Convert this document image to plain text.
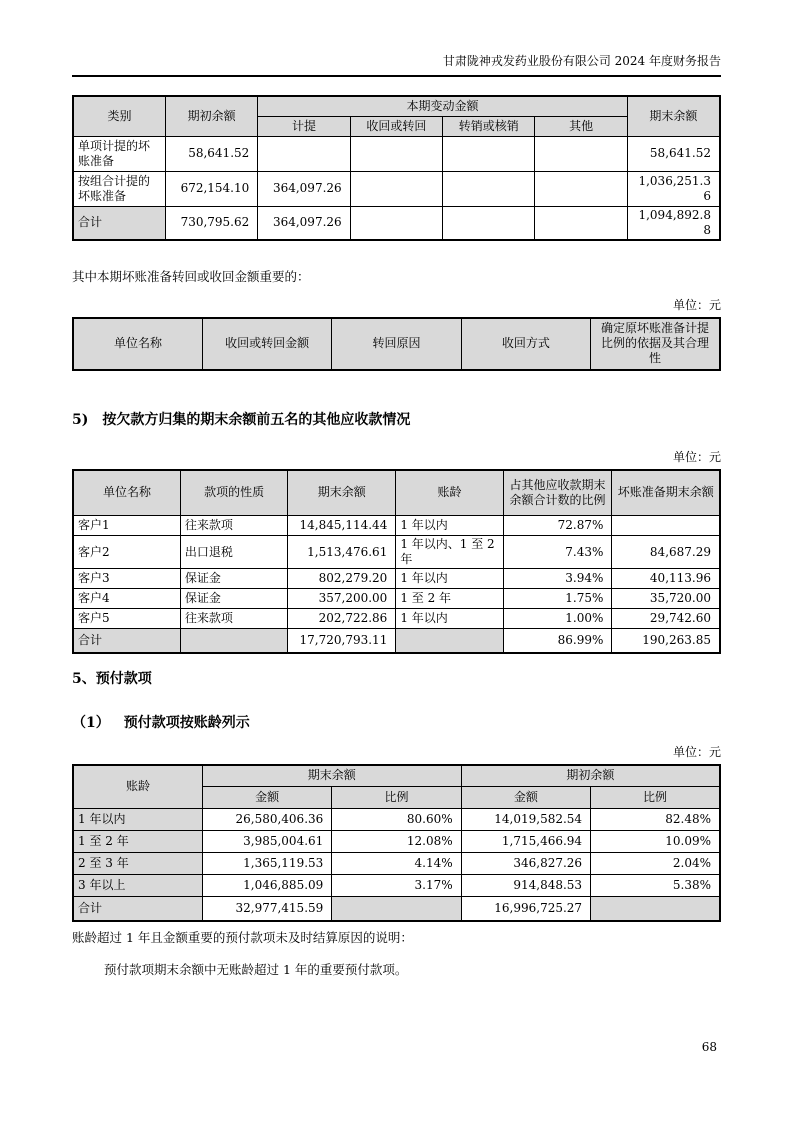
甘肃陇神戎发药业股份有限公司 2024 年度财务报告
类别	期初余额	本期变动金额				期末余额
		计提	收回或转回	转销或核销	其他	
单项计提的坏账准备	58,641.52					58,641.52
按组合计提的坏账准备	672,154.10	364,097.26				1,036,251.36
合计	730,795.62	364,097.26				1,094,892.88
其中本期坏账准备转回或收回金额重要的：
单位：元
单位名称	收回或转回金额	转回原因	收回方式	确定原坏账准备计提比例的依据及其合理性
5) 按欠款方归集的期末余额前五名的其他应收款情况
单位：元
单位名称	款项的性质	期末余额	账龄	占其他应收款期末余额合计数的比例	坏账准备期末余额
客户1	往来款项	14,845,114.44	1 年以内	72.87%	
客户2	出口退税	1,513,476.61	1 年以内、1 至 2 年	7.43%	84,687.29
客户3	保证金	802,279.20	1 年以内	3.94%	40,113.96
客户4	保证金	357,200.00	1 至 2 年	1.75%	35,720.00
客户5	往来款项	202,722.86	1 年以内	1.00%	29,742.60
合计		17,720,793.11		86.99%	190,263.85
5、预付款项
（1） 预付款项按账龄列示
单位：元
账龄	期末余额		期初余额	
	金额	比例	金额	比例
1 年以内	26,580,406.36	80.60%	14,019,582.54	82.48%
1 至 2 年	3,985,004.61	12.08%	1,715,466.94	10.09%
2 至 3 年	1,365,119.53	4.14%	346,827.26	2.04%
3 年以上	1,046,885.09	3.17%	914,848.53	5.38%
合计	32,977,415.59		16,996,725.27	
账龄超过 1 年且金额重要的预付款项未及时结算原因的说明：
预付款项期末余额中无账龄超过 1 年的重要预付款项。
68
